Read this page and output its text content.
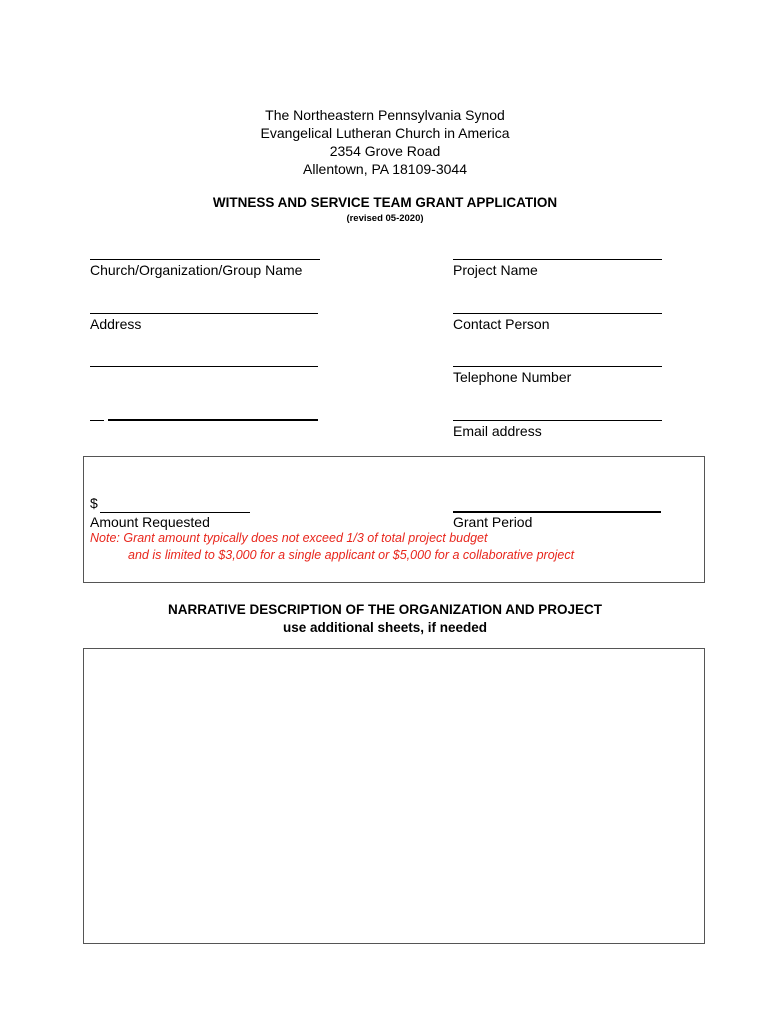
The Northeastern Pennsylvania Synod
Evangelical Lutheran Church in America
2354 Grove Road
Allentown, PA 18109-3044
WITNESS AND SERVICE TEAM GRANT APPLICATION
(revised 05-2020)
Church/Organization/Group Name
Address
Project Name
Contact Person
Telephone Number
Email address
$
Amount Requested	Grant Period
Note: Grant amount typically does not exceed 1/3 of total project budget
and is limited to $3,000 for a single applicant or $5,000 for a collaborative project
NARRATIVE DESCRIPTION OF THE ORGANIZATION AND PROJECT
use additional sheets, if needed
